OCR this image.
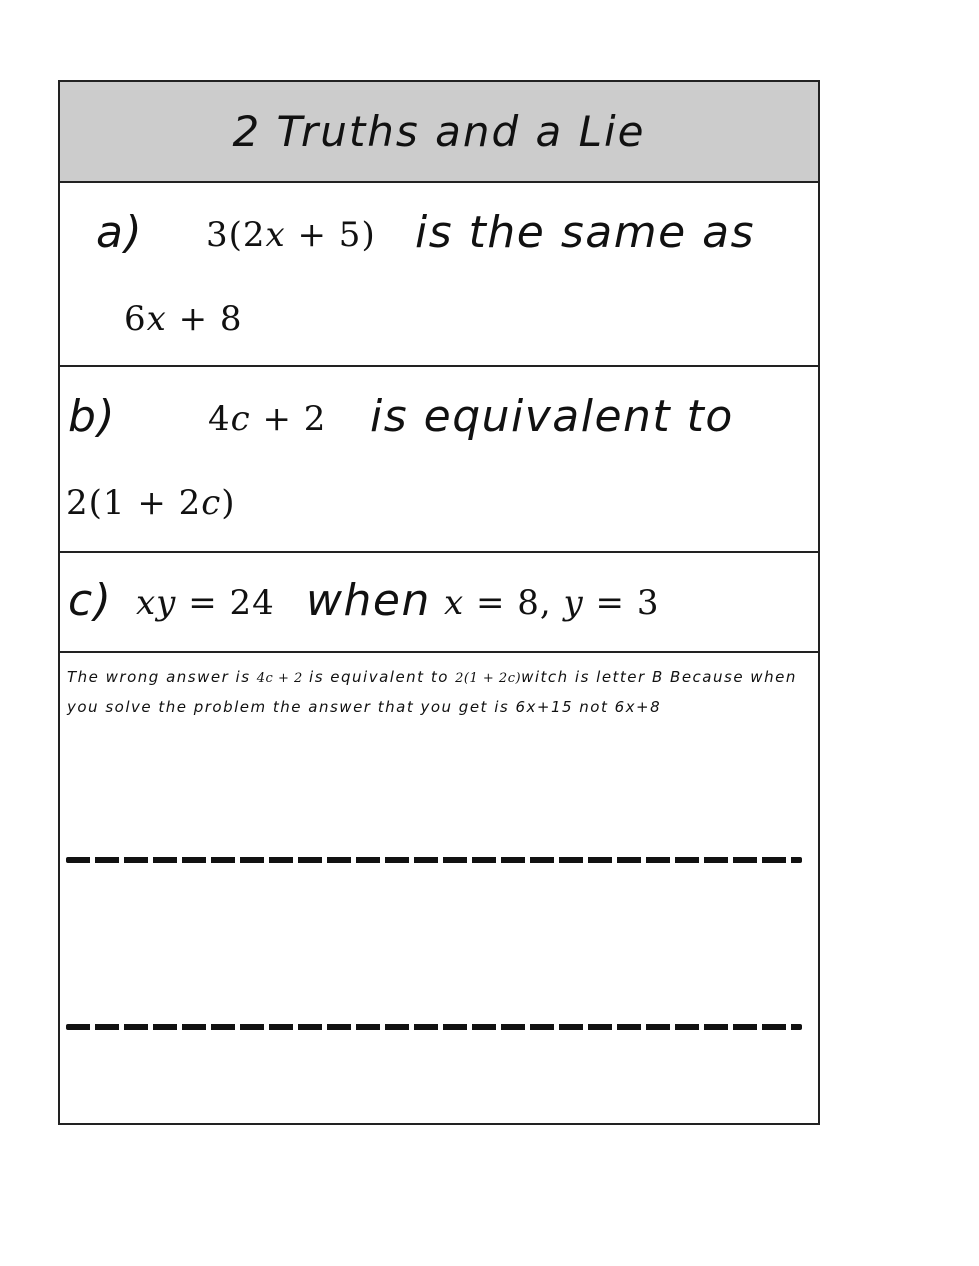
2 Truths and a Lie
a) 3(2𝑥 + 5) is the same as
6𝑥 + 8
b)	4𝑐 + 2 is equivalent to
2(1 + 2𝑐)
c) 𝑥𝑦 = 24 when 𝑥 = 8, 𝑦 = 3
The wrong answer is 4𝑐 + 2 is equivalent to 2(1 + 2𝑐)witch is letter B Because when you solve the problem the answer that you get is 6x+15 not 6x+8
